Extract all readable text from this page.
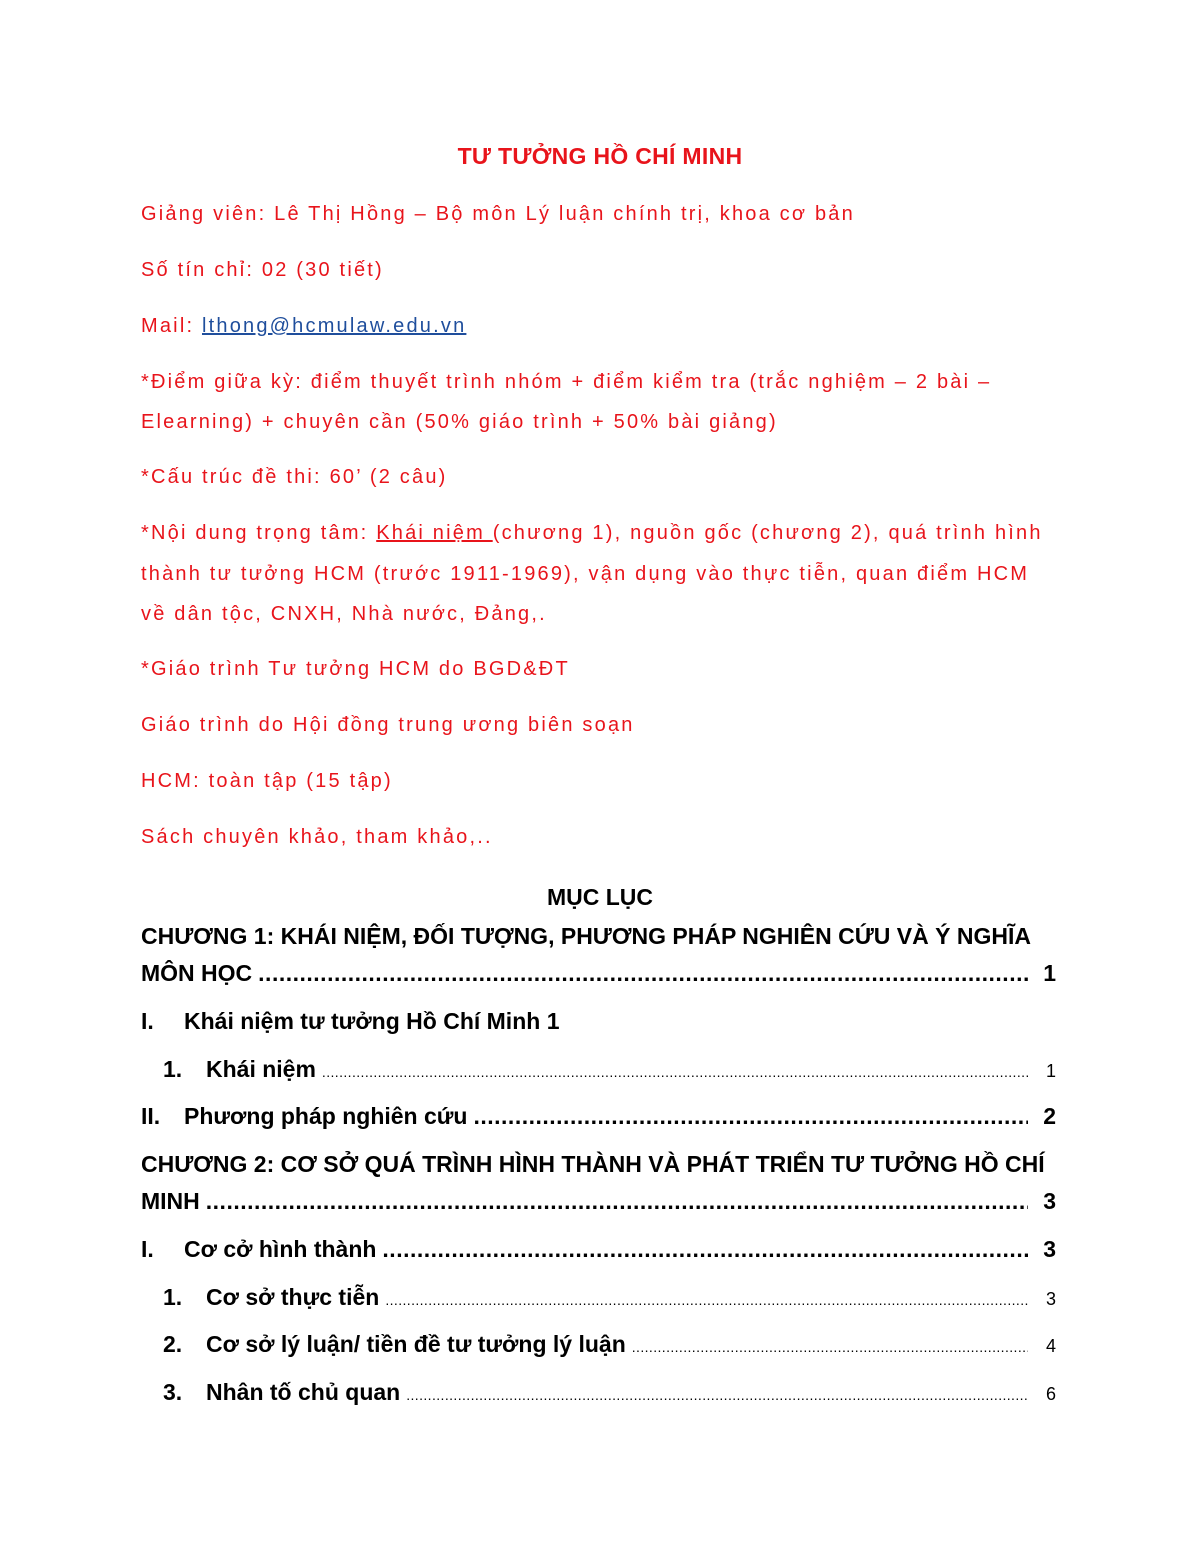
TƯ TƯỞNG HỒ CHÍ MINH
Giảng viên: Lê Thị Hồng – Bộ môn Lý luận chính trị, khoa cơ bản
Số tín chỉ: 02 (30 tiết)
Mail: lthong@hcmulaw.edu.vn
*Điểm giữa kỳ: điểm thuyết trình nhóm + điểm kiểm tra (trắc nghiệm – 2 bài –
Elearning) + chuyên cần (50% giáo trình + 50% bài giảng)
*Cấu trúc đề thi: 60’ (2 câu)
*Nội dung trọng tâm: Khái niệm (chương 1), nguồn gốc (chương 2), quá trình hình
thành tư tưởng HCM (trước 1911-1969), vận dụng vào thực tiễn, quan điểm HCM
về dân tộc, CNXH, Nhà nước, Đảng,.
*Giáo trình Tư tưởng HCM do BGD&ĐT
Giáo trình do Hội đồng trung ương biên soạn
HCM: toàn tập (15 tập)
Sách chuyên khảo, tham khảo,..
MỤC LỤC
CHƯƠNG 1: KHÁI NIỆM, ĐỐI TƯỢNG, PHƯƠNG PHÁP NGHIÊN CỨU VÀ Ý NGHĨA
MÔN HỌC .....	1
I.	Khái niệm tư tưởng Hồ Chí Minh 1
1.	Khái niệm .....	1
II.	Phương pháp nghiên cứu .....	2
CHƯƠNG 2: CƠ SỞ QUÁ TRÌNH HÌNH THÀNH VÀ PHÁT TRIỂN TƯ TƯỞNG HỒ CHÍ
MINH .....	3
I.	Cơ cở hình thành .....	3
1.	Cơ sở thực tiễn .....	3
2.	Cơ sở lý luận/ tiền đề tư tưởng lý luận .....	4
3.	Nhân tố chủ quan .....	6
